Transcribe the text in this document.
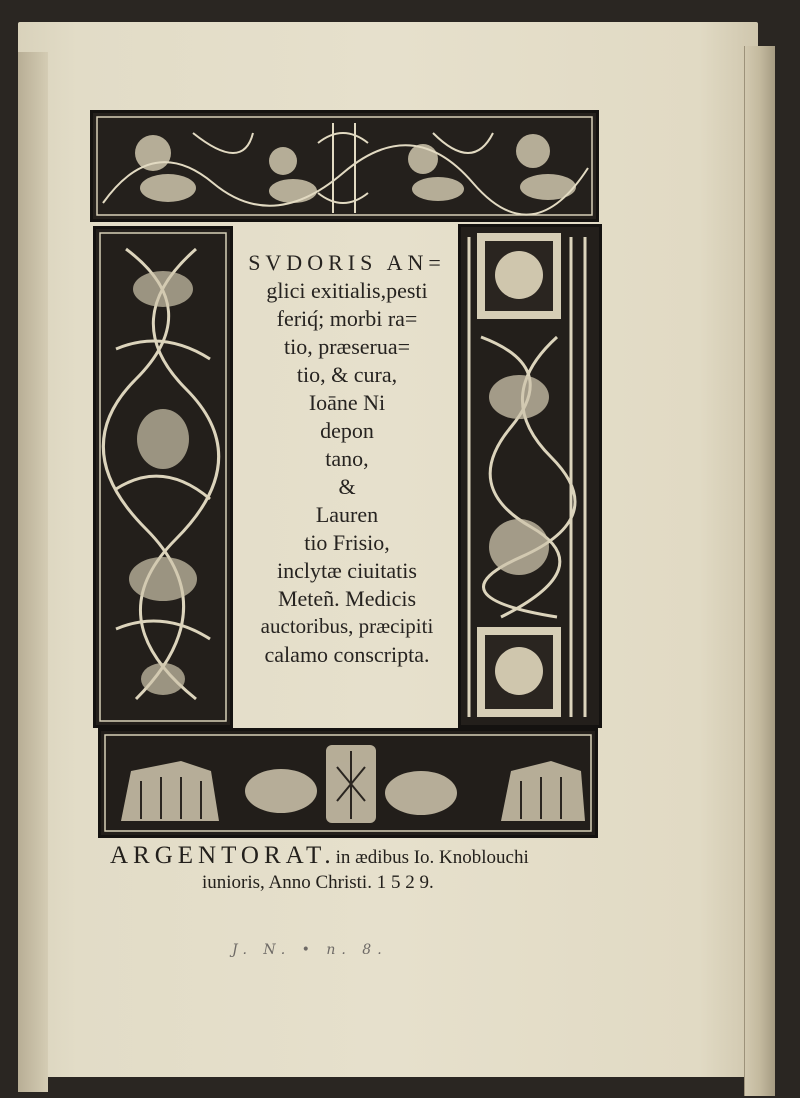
SVDORIS AN=
glici exitialis,pesti
feriq́; morbi ra=
tio, præserua=
tio, & cura,
Ioāne Ni
depon
tano,
&
Lauren
tio Frisio,
inclytæ ciuitatis
Meteñ. Medicis
auctoribus, præcipiti
calamo conscripta.
ARGENTORAT.in ædibus Io. Knoblouchi
iunioris, Anno Christi. 1 5 2 9.
J. N. • n. 8.
